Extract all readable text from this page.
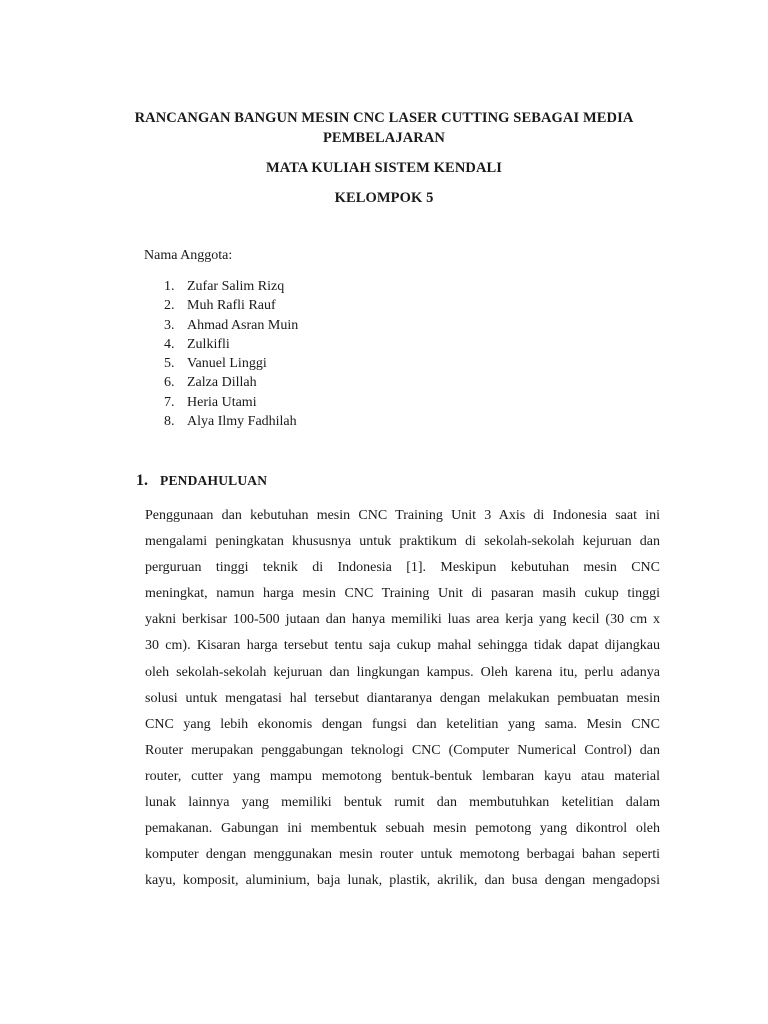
RANCANGAN BANGUN MESIN CNC LASER CUTTING SEBAGAI MEDIA
PEMBELAJARAN
MATA KULIAH SISTEM KENDALI
KELOMPOK 5
Nama Anggota:
1. Zufar Salim Rizq
2. Muh Rafli Rauf
3. Ahmad Asran Muin
4. Zulkifli
5. Vanuel Linggi
6. Zalza Dillah
7. Heria Utami
8. Alya Ilmy Fadhilah
1. PENDAHULUAN
Penggunaan dan kebutuhan mesin CNC Training Unit 3 Axis di Indonesia saat ini
mengalami peningkatan khususnya untuk praktikum di sekolah-sekolah kejuruan dan
perguruan tinggi teknik di Indonesia [1]. Meskipun kebutuhan mesin CNC
meningkat, namun harga mesin CNC Training Unit di pasaran masih cukup tinggi
yakni berkisar 100-500 jutaan dan hanya memiliki luas area kerja yang kecil (30 cm x
30 cm). Kisaran harga tersebut tentu saja cukup mahal sehingga tidak dapat dijangkau
oleh sekolah-sekolah kejuruan dan lingkungan kampus. Oleh karena itu, perlu adanya
solusi untuk mengatasi hal tersebut diantaranya dengan melakukan pembuatan mesin
CNC yang lebih ekonomis dengan fungsi dan ketelitian yang sama. Mesin CNC
Router merupakan penggabungan teknologi CNC (Computer Numerical Control) dan
router, cutter yang mampu memotong bentuk-bentuk lembaran kayu atau material
lunak lainnya yang memiliki bentuk rumit dan membutuhkan ketelitian dalam
pemakanan. Gabungan ini membentuk sebuah mesin pemotong yang dikontrol oleh
komputer dengan menggunakan mesin router untuk memotong berbagai bahan seperti
kayu, komposit, aluminium, baja lunak, plastik, akrilik, dan busa dengan mengadopsi
